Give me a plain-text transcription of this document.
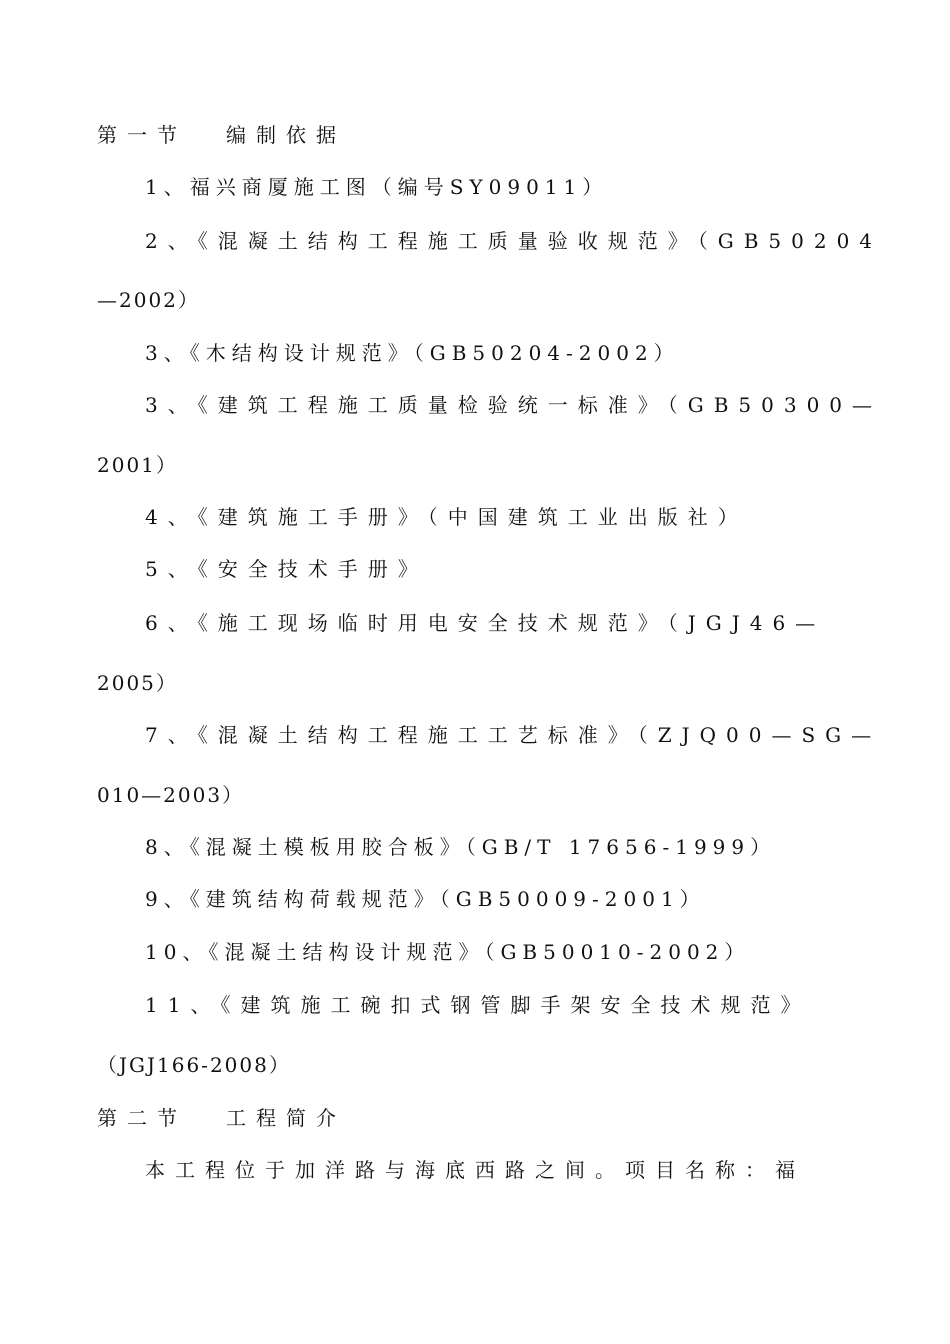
第一节 编制依据
1、福兴商厦施工图（编号SY09011）
2、《混凝土结构工程施工质量验收规范》（GB50204
—2002）
3、《木结构设计规范》（GB50204-2002）
3、《建筑工程施工质量检验统一标准》（GB50300—
2001）
4、《建筑施工手册》（中国建筑工业出版社）
5、《安全技术手册》
6、《施工现场临时用电安全技术规范》（JGJ46—
2005）
7、《混凝土结构工程施工工艺标准》（ZJQ00—SG—
010—2003）
8、《混凝土模板用胶合板》（GB/T 17656-1999）
9、《建筑结构荷载规范》（GB50009-2001）
10、《混凝土结构设计规范》（GB50010-2002）
11、《建筑施工碗扣式钢管脚手架安全技术规范》
（JGJ166-2008）
第二节 工程简介
本工程位于加洋路与海底西路之间。项目名称：福
